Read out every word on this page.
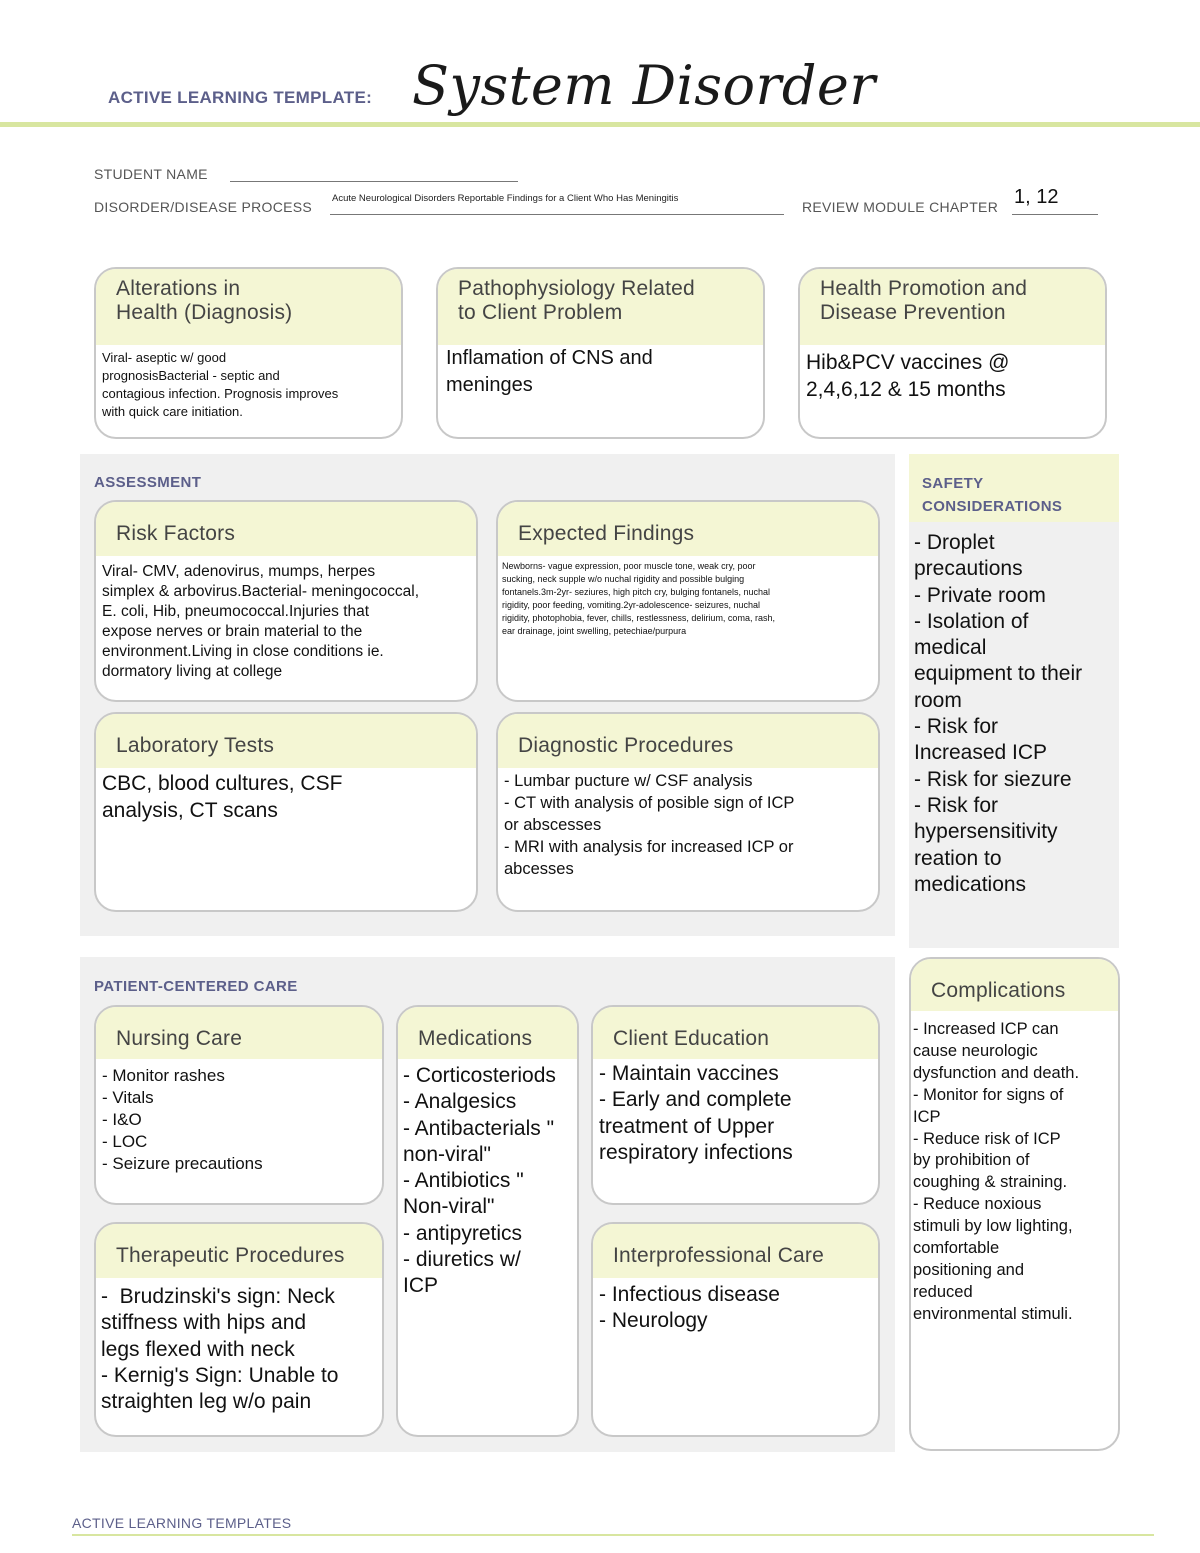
ACTIVE LEARNING TEMPLATE: System Disorder
STUDENT NAME
DISORDER/DISEASE PROCESS
Acute Neurological Disorders Reportable Findings for a Client Who Has Meningitis
REVIEW MODULE CHAPTER 1, 12
Alterations in
Health (Diagnosis)
Viral- aseptic w/ good
prognosisBacterial - septic and
contagious infection. Prognosis improves
with quick care initiation.
Pathophysiology Related
to Client Problem
Inflamation of CNS and
meninges
Health Promotion and
Disease Prevention
Hib&PCV vaccines @
2,4,6,12 & 15 months
ASSESSMENT
Risk Factors
Viral- CMV, adenovirus, mumps, herpes
simplex & arbovirus.Bacterial- meningococcal,
E. coli, Hib, pneumococcal.Injuries that
expose nerves or brain material to the
environment.Living in close conditions ie.
dormatory living at college
Expected Findings
Newborns- vague expression, poor muscle tone, weak cry, poor
sucking, neck supple w/o nuchal rigidity and possible bulging
fontanels.3m-2yr- seziures, high pitch cry, bulging fontanels, nuchal
rigidity, poor feeding, vomiting.2yr-adolescence- seizures, nuchal
rigidity, photophobia, fever, chills, restlessness, delirium, coma, rash,
ear drainage, joint swelling, petechiae/purpura
Laboratory Tests
CBC, blood cultures, CSF
analysis, CT scans
Diagnostic Procedures
- Lumbar pucture w/ CSF analysis
- CT with analysis of posible sign of ICP
or abscesses
- MRI with analysis for increased ICP or
abcesses
SAFETY
CONSIDERATIONS
- Droplet
precautions
- Private room
- Isolation of
medical
equipment to their
room
- Risk for
Increased ICP
- Risk for siezure
- Risk for
hypersensitivity
reation to
medications
PATIENT-CENTERED CARE
Nursing Care
- Monitor rashes
- Vitals
- I&O
- LOC
- Seizure precautions
Medications
- Corticosteriods
- Analgesics
- Antibacterials "
non-viral"
- Antibiotics "
Non-viral"
- antipyretics
- diuretics w/
ICP
Client Education
- Maintain vaccines
- Early and complete
treatment of Upper
respiratory infections
Therapeutic Procedures
-  Brudzinski's sign: Neck
stiffness with hips and
legs flexed with neck
- Kernig's Sign: Unable to
straighten leg w/o pain
Interprofessional Care
- Infectious disease
- Neurology
Complications
- Increased ICP can
cause neurologic
dysfunction and death.
- Monitor for signs of
ICP
- Reduce risk of ICP
by prohibition of
coughing & straining.
- Reduce noxious
stimuli by low lighting,
comfortable
positioning and
reduced
environmental stimuli.
ACTIVE LEARNING TEMPLATES
